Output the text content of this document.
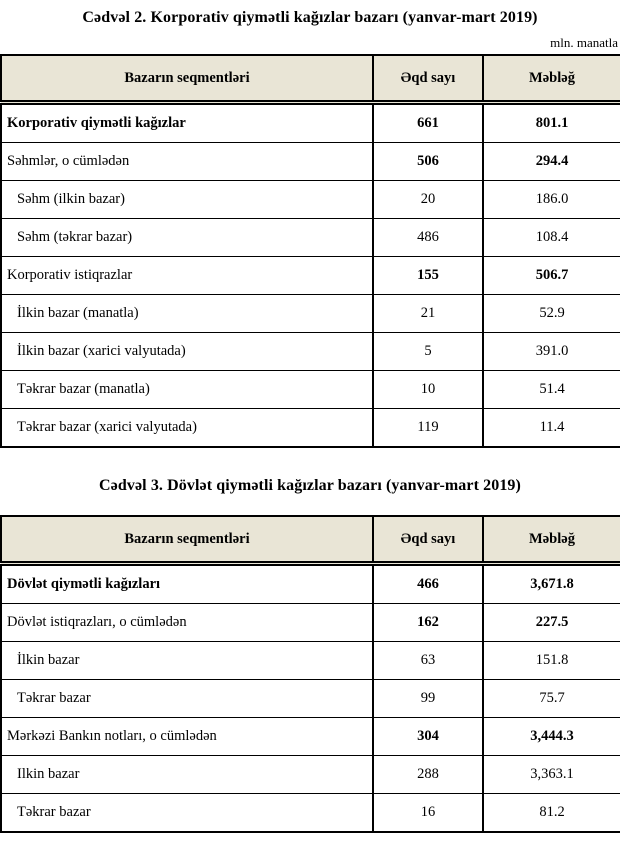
Cədvəl 2. Korporativ qiymətli kağızlar bazarı (yanvar-mart 2019)
mln. manatla
Bazarın seqmentləri	Əqd sayı	Məbləğ
Korporativ qiymətli kağızlar	661	801.1
Səhmlər, o cümlədən	506	294.4
Səhm (ilkin bazar)	20	186.0
Səhm (təkrar bazar)	486	108.4
Korporativ istiqrazlar	155	506.7
İlkin bazar (manatla)	21	52.9
İlkin bazar (xarici valyutada)	5	391.0
Təkrar bazar (manatla)	10	51.4
Təkrar bazar (xarici valyutada)	119	11.4
Cədvəl 3. Dövlət qiymətli kağızlar bazarı (yanvar-mart 2019)
Bazarın seqmentləri	Əqd sayı	Məbləğ
Dövlət qiymətli kağızları	466	3,671.8
Dövlət istiqrazları, o cümlədən	162	227.5
İlkin bazar	63	151.8
Təkrar bazar	99	75.7
Mərkəzi Bankın notları, o cümlədən	304	3,444.3
Ilkin bazar	288	3,363.1
Təkrar bazar	16	81.2
